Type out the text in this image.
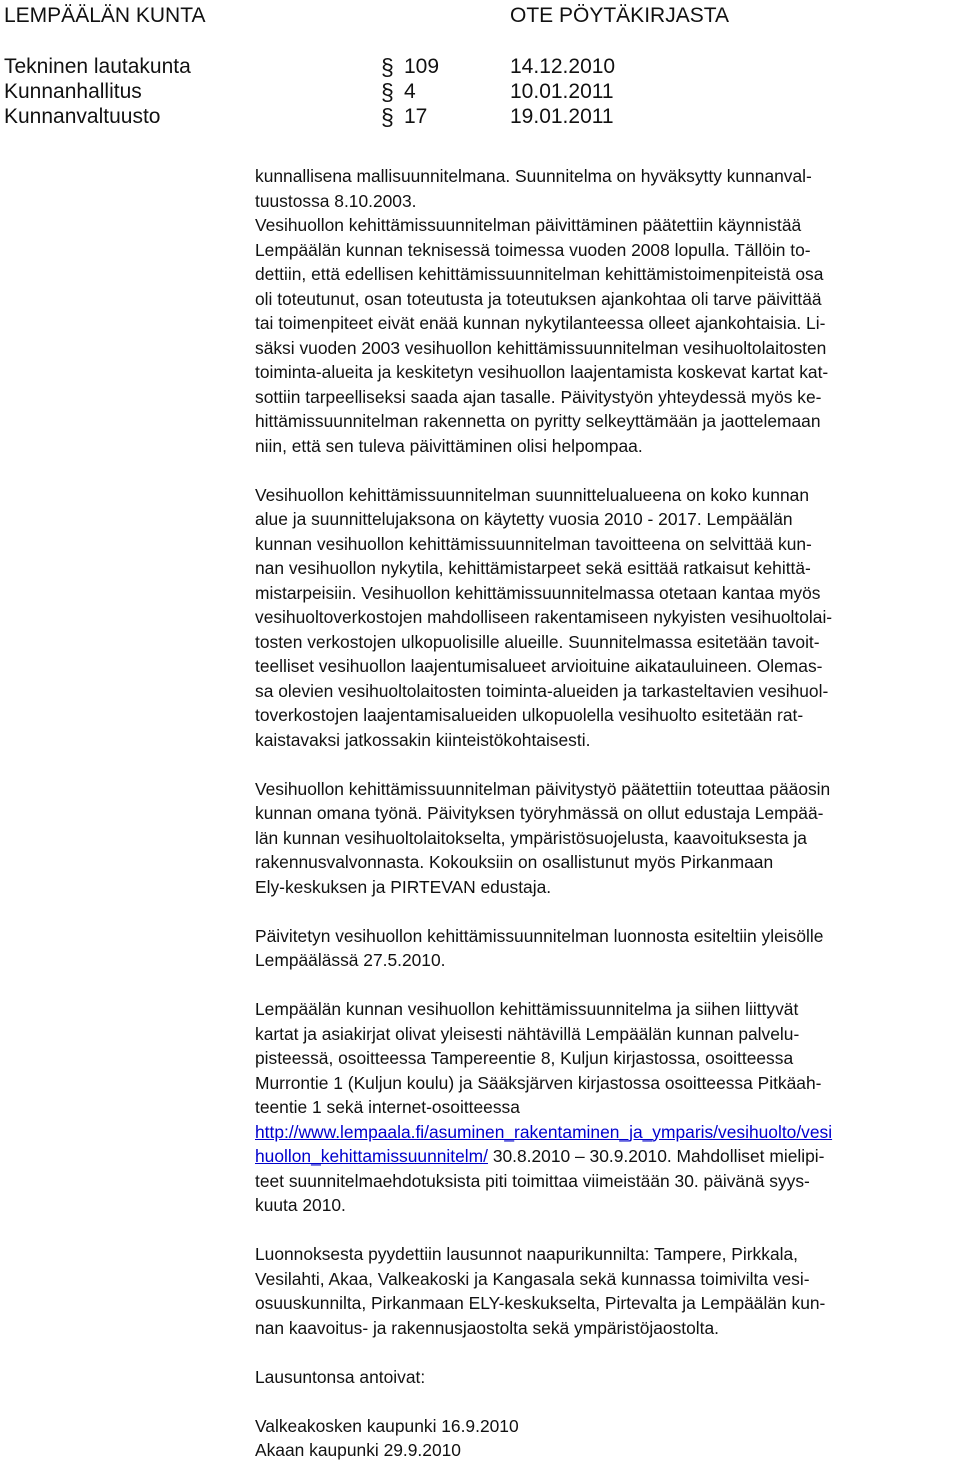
LEMPÄÄLÄN KUNTA	OTE PÖYTÄKIRJASTA
Tekninen lautakunta	§ 109	14.12.2010
Kunnanhallitus	§ 4	10.01.2011
Kunnanvaltuusto	§ 17	19.01.2011

kunnallisena mallisuunnitelmana. Suunnitelma on hyväksytty kunnanval-

tuustossa 8.10.2003.

Vesihuollon kehittämissuunnitelman päivittäminen päätettiin käynnistää

Lempäälän kunnan teknisessä toimessa vuoden 2008 lopulla. Tällöin to-

dettiin, että edellisen kehittämissuunnitelman kehittämistoimenpiteistä osa

oli toteutunut, osan toteutusta ja toteutuksen ajankohtaa oli tarve päivittää

tai toimenpiteet eivät enää kunnan nykytilanteessa olleet ajankohtaisia. Li-

säksi vuoden 2003 vesihuollon kehittämissuunnitelman vesihuoltolaitosten

toiminta-alueita ja keskitetyn vesihuollon laajentamista koskevat kartat kat-

sottiin tarpeelliseksi saada ajan tasalle. Päivitystyön yhteydessä myös ke-

hittämissuunnitelman rakennetta on pyritty selkeyttämään ja jaottelemaan

niin, että sen tuleva päivittäminen olisi helpompaa.

Vesihuollon kehittämissuunnitelman suunnittelualueena on koko kunnan

alue ja suunnittelujaksona on käytetty vuosia 2010 - 2017. Lempäälän

kunnan vesihuollon kehittämissuunnitelman tavoitteena on selvittää kun-

nan vesihuollon nykytila, kehittämistarpeet sekä esittää ratkaisut kehittä-

mistarpeisiin. Vesihuollon kehittämissuunnitelmassa otetaan kantaa myös

vesihuoltoverkostojen mahdolliseen rakentamiseen nykyisten vesihuoltolai-

tosten verkostojen ulkopuolisille alueille. Suunnitelmassa esitetään tavoit-

teelliset vesihuollon laajentumisalueet arvioituine aikatauluineen. Olemas-

sa olevien vesihuoltolaitosten toiminta-alueiden ja tarkasteltavien vesihuol-

toverkostojen laajentamisalueiden ulkopuolella vesihuolto esitetään rat-

kaistavaksi jatkossakin kiinteistökohtaisesti.

Vesihuollon kehittämissuunnitelman päivitystyö päätettiin toteuttaa pääosin

kunnan omana työnä. Päivityksen työryhmässä on ollut edustaja Lempää-

län kunnan vesihuoltolaitokselta, ympäristösuojelusta, kaavoituksesta ja

rakennusvalvonnasta. Kokouksiin on osallistunut myös Pirkanmaan

Ely-keskuksen ja PIRTEVAN edustaja.

Päivitetyn vesihuollon kehittämissuunnitelman luonnosta esiteltiin yleisölle

Lempäälässä 27.5.2010.

Lempäälän kunnan vesihuollon kehittämissuunnitelma ja siihen liittyvät

kartat ja asiakirjat olivat yleisesti nähtävillä Lempäälän kunnan palvelu-

pisteessä, osoitteessa Tampereentie 8, Kuljun kirjastossa, osoitteessa

Murrontie 1 (Kuljun koulu) ja Sääksjärven kirjastossa osoitteessa Pitkäah-

teentie 1 sekä internet-osoitteessa

http://www.lempaala.fi/asuminen_rakentaminen_ja_ymparis/vesihuolto/vesi

huollon_kehittamissuunnitelm/ 30.8.2010 – 30.9.2010. Mahdolliset mielipi-

teet suunnitelmaehdotuksista piti toimittaa viimeistään 30. päivänä syys-

kuuta 2010.

Luonnoksesta pyydettiin lausunnot naapurikunnilta: Tampere, Pirkkala,

Vesilahti, Akaa, Valkeakoski ja Kangasala sekä kunnassa toimivilta vesi-

osuuskunnilta, Pirkanmaan ELY-keskukselta, Pirtevalta ja Lempäälän kun-

nan kaavoitus- ja rakennusjaostolta sekä ympäristöjaostolta.

Lausuntonsa antoivat:

Valkeakosken kaupunki 16.9.2010

Akaan kaupunki 29.9.2010
